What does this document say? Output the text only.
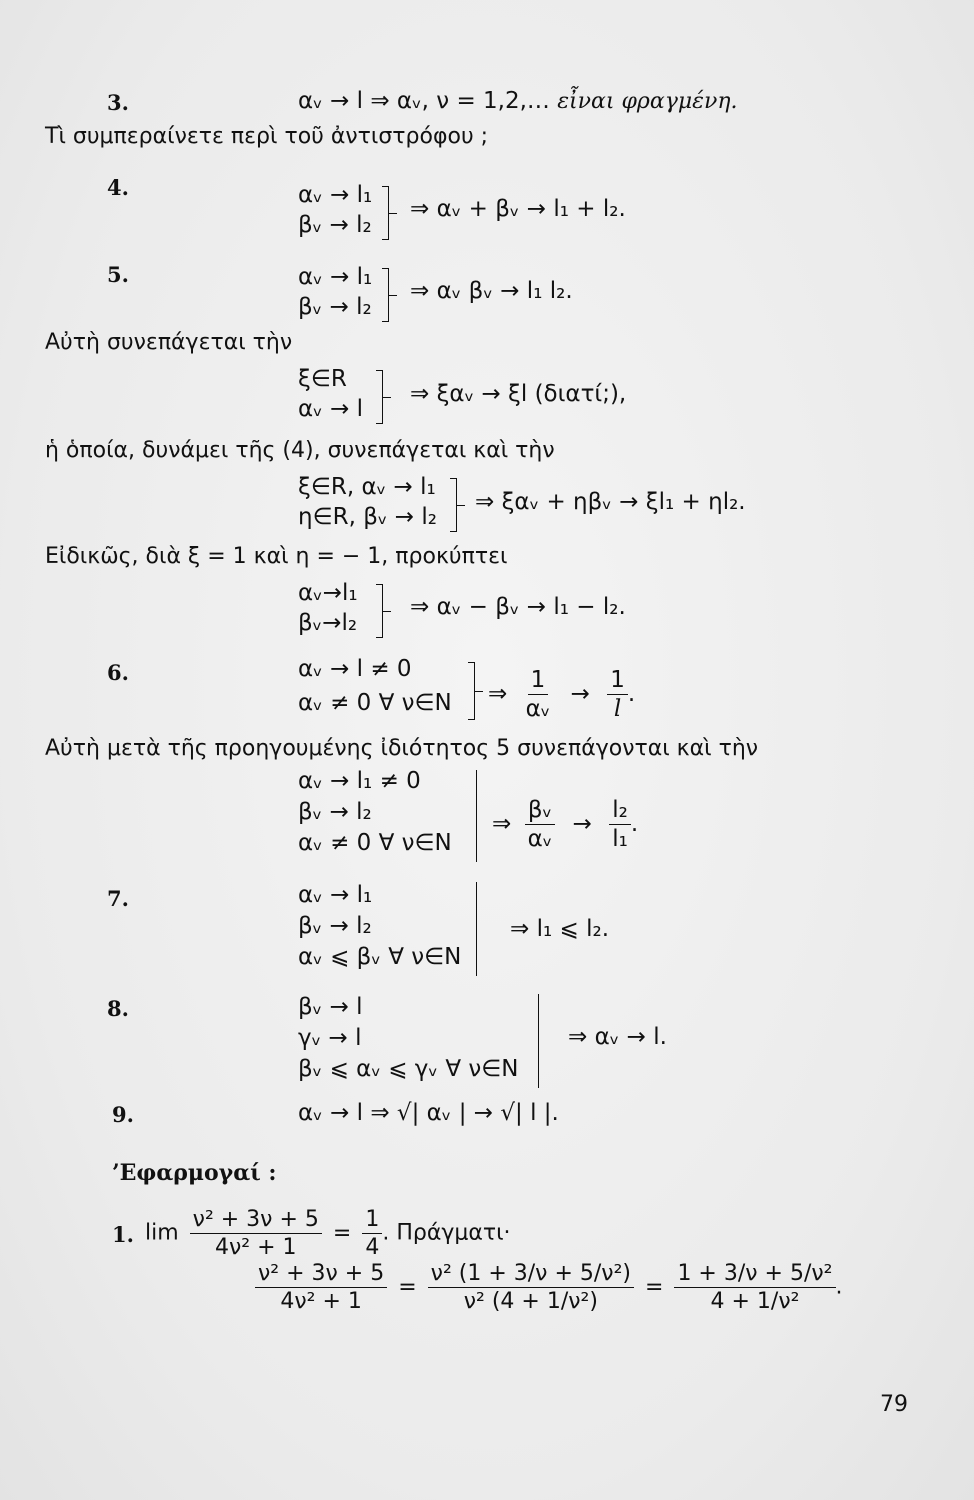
3.	αᵥ → l ⇒ αᵥ, ν = 1,2,… εἶναι φραγμένη.
Τὶ συμπεραίνετε περὶ τοῦ ἀντιστρόφου ;
4.	αᵥ → l₁
βᵥ → l₂
⇒ αᵥ + βᵥ → l₁ + l₂.
5.	αᵥ → l₁
βᵥ → l₂
⇒ αᵥ βᵥ → l₁ l₂.
Αὐτὴ συνεπάγεται τὴν
ξ∈R
αᵥ → l
⇒ ξαᵥ → ξl (διατί;),
ἡ ὁποία, δυνάμει τῆς (4), συνεπάγεται καὶ τὴν
ξ∈R, αᵥ → l₁
η∈R, βᵥ → l₂
⇒ ξαᵥ + ηβᵥ → ξl₁ + ηl₂.
Εἰδικῶς, διὰ ξ = 1 καὶ η = − 1, προκύπτει
αᵥ→l₁
βᵥ→l₂
⇒ αᵥ − βᵥ → l₁ − l₂.
6.	αᵥ → l ≠ 0
αᵥ ≠ 0 ∀ ν∈N ⇒ $\frac{1}{\text{αᵥ}} \to \frac{1}{l}$ .
Αὐτὴ μετὰ τῆς προηγουμένης ἰδιότητος 5 συνεπάγονται καὶ τὴν
αᵥ → l₁ ≠ 0
βᵥ → l₂
αᵥ ≠ 0 ∀ ν∈N
⇒ $\frac{\text{βᵥ}}{\text{αᵥ}} \to \frac{\text{l₂}}{\text{l₁}}$ .
7.	αᵥ → l₁
βᵥ → l₂
αᵥ ⩽ βᵥ ∀ ν∈N
⇒ l₁ ⩽ l₂.
8.	βᵥ → l
γᵥ → l
βᵥ ⩽ αᵥ ⩽ γᵥ ∀ ν∈N
⇒ αᵥ → l.
9.	αᵥ → l ⇒ √| αᵥ | → √| l |.
’Εφαρμογαί :
1. $\lim \frac{\text{ν² + 3ν + 5}}{\text{4ν² + 1}} = \frac{1}{4}$ . Πράγματι·
$\frac{\text{ν² + 3ν + 5}}{\text{4ν² + 1}} = \frac{\text{ν² (1 + 3/ν + 5/ν²)}}{\text{ν² (4 + 1/ν²)}} = \frac{\text{1 + 3/ν + 5/ν²}}{\text{4 + 1/ν²}}$ .
79
